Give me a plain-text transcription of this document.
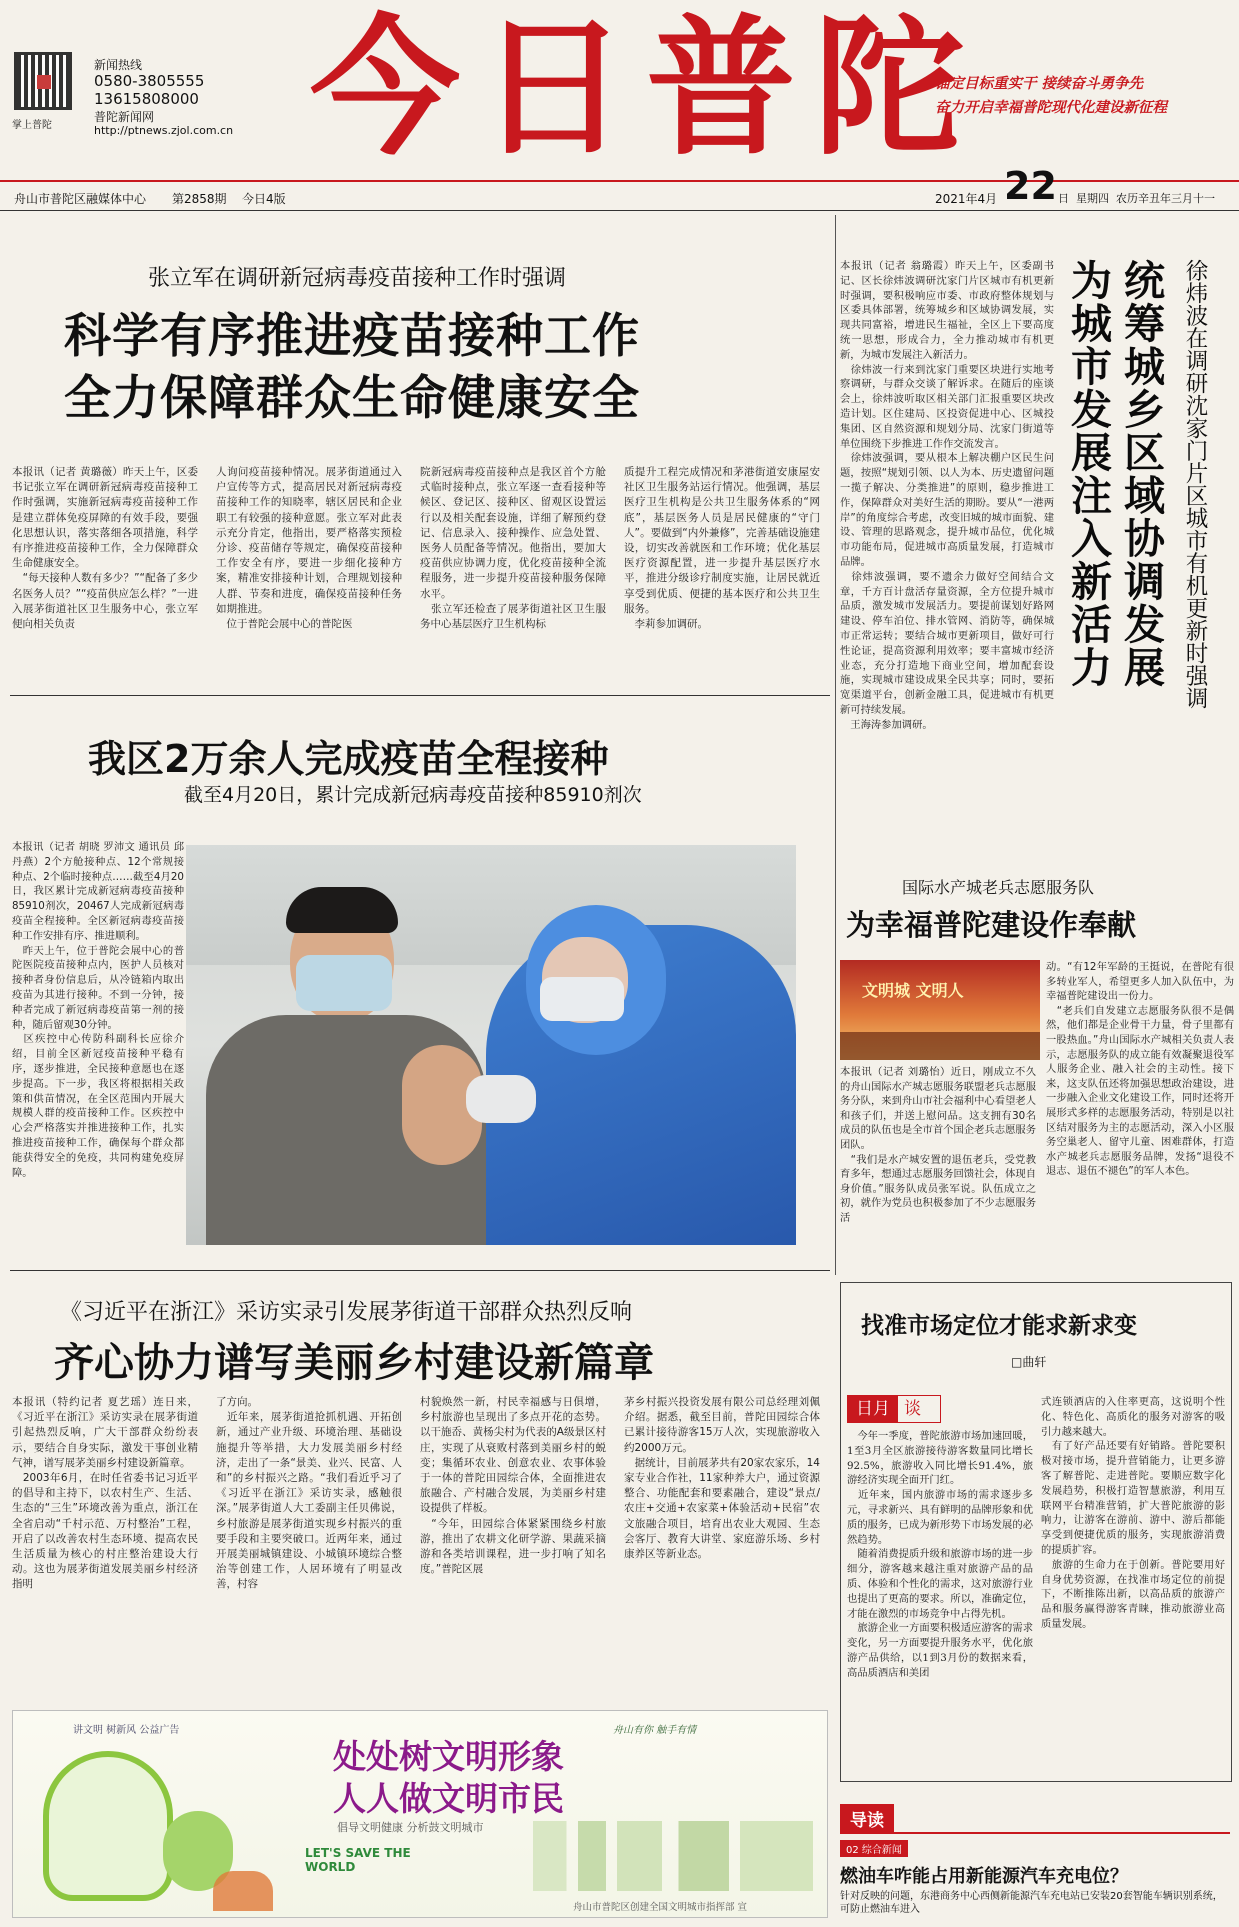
掌上普陀
新闻热线
0580-3805555
13615808000
普陀新闻网
http://ptnews.zjol.com.cn 今日普陀
锚定目标重实干 接续奋斗勇争先
奋力开启幸福普陀现代化建设新征程
舟山市普陀区融媒体中心 第2858期 今日4版	2021年4月 22 日  星期四  农历辛丑年三月十一
张立军在调研新冠病毒疫苗接种工作时强调
科学有序推进疫苗接种工作
全力保障群众生命健康安全
本报讯（记者 黄璐薇）昨天上午，区委书记张立军在调研新冠病毒疫苗接种工作时强调，实施新冠病毒疫苗接种工作是建立群体免疫屏障的有效手段，要强化思想认识，落实落细各项措施，科学有序推进疫苗接种工作，全力保障群众生命健康安全。
　“每天接种人数有多少？”“配备了多少名医务人员？”“疫苗供应怎么样？”一进入展茅街道社区卫生服务中心，张立军便向相关负责
人询问疫苗接种情况。展茅街道通过入户宣传等方式，提高居民对新冠病毒疫苗接种工作的知晓率，辖区居民和企业职工有较强的接种意愿。张立军对此表示充分肯定，他指出，要严格落实预检分诊、疫苗储存等规定，确保疫苗接种工作安全有序，要进一步细化接种方案，精准安排接种计划，合理规划接种人群、节奏和进度，确保疫苗接种任务如期推进。
　位于普陀会展中心的普陀医
院新冠病毒疫苗接种点是我区首个方舱式临时接种点，张立军逐一查看接种等候区、登记区、接种区、留观区设置运行以及相关配套设施，详细了解预约登记、信息录入、接种操作、应急处置、医务人员配备等情况。他指出，要加大疫苗供应协调力度，优化疫苗接种全流程服务，进一步提升疫苗接种服务保障水平。
　张立军还检查了展茅街道社区卫生服务中心基层医疗卫生机构标
质提升工程完成情况和茅港街道安康屋安社区卫生服务站运行情况。他强调，基层医疗卫生机构是公共卫生服务体系的“网底”，基层医务人员是居民健康的“守门人”。要做到“内外兼修”，完善基础设施建设，切实改善就医和工作环境；优化基层医疗资源配置，进一步提升基层医疗水平，推进分级诊疗制度实施，让居民就近享受到优质、便捷的基本医疗和公共卫生服务。
　李莉参加调研。
本报讯（记者 翁璐霞）昨天上午，区委副书记、区长徐炜波调研沈家门片区城市有机更新时强调，要积极响应市委、市政府整体规划与区委具体部署，统筹城乡和区域协调发展，实现共同富裕，增进民生福祉，全区上下要高度统一思想，形成合力，全力推动城市有机更新，为城市发展注入新活力。
　徐炜波一行来到沈家门重要区块进行实地考察调研，与群众交谈了解诉求。在随后的座谈会上，徐炜波听取区相关部门汇报重要区块改造计划。区住建局、区投资促进中心、区城投集团、区自然资源和规划分局、沈家门街道等单位围绕下步推进工作作交流发言。
　徐炜波强调，要从根本上解决棚户区民生问题，按照“规划引领、以人为本、历史遗留问题一揽子解决、分类推进”的原则，稳步推进工作，保障群众对美好生活的期盼。要从“一港两岸”的角度综合考虑，改变旧城的城市面貌、建设、管理的思路观念，提升城市品位，优化城市功能布局，促进城市高质量发展，打造城市品牌。
　徐炜波强调，要不遗余力做好空间结合文章，千方百计盘活存量资源，全方位提升城市品质，激发城市发展活力。要提前谋划好路网建设、停车泊位、排水管网、消防等，确保城市正常运转；要结合城市更新项目，做好可行性论证，提高资源利用效率；要丰富城市经济业态，充分打造地下商业空间，增加配套设施，实现城市建设成果全民共享；同时，要拓宽渠道平台，创新金融工具，促进城市有机更新可持续发展。
　王海涛参加调研。
为城市发展注入新活力 统筹城乡区域协调发展 徐炜波在调研沈家门片区城市有机更新时强调
我区2万余人完成疫苗全程接种
截至4月20日，累计完成新冠病毒疫苗接种85910剂次
本报讯（记者 胡晓 罗沛文 通讯员 邱丹燕）2个方舱接种点、12个常规接种点、2个临时接种点……截至4月20日，我区累计完成新冠病毒疫苗接种85910剂次，20467人完成新冠病毒疫苗全程接种。全区新冠病毒疫苗接种工作安排有序、推进顺利。
　昨天上午，位于普陀会展中心的普陀医院疫苗接种点内，医护人员核对接种者身份信息后，从冷链箱内取出疫苗为其进行接种。不到一分钟，接种者完成了新冠病毒疫苗第一剂的接种，随后留观30分钟。
　区疾控中心传防科副科长应徐介绍，目前全区新冠疫苗接种平稳有序，逐步推进，全民接种意愿也在逐步提高。下一步，我区将根据相关政策和供苗情况，在全区范围内开展大规模人群的疫苗接种工作。区疾控中心会严格落实并推进接种工作，扎实推进疫苗接种工作，确保每个群众都能获得安全的免疫，共同构建免疫屏障。
国际水产城老兵志愿服务队
为幸福普陀建设作奉献
文明城 文明人
本报讯（记者 刘璐怡）近日，刚成立不久的舟山国际水产城志愿服务联盟老兵志愿服务分队，来到舟山市社会福利中心看望老人和孩子们，并送上慰问品。这支拥有30名成员的队伍也是全市首个国企老兵志愿服务团队。
　“我们是水产城安置的退伍老兵，受党教育多年，想通过志愿服务回馈社会，体现自身价值。”服务队成员张军说。队伍成立之初，就作为党员也积极参加了不少志愿服务活
动。“有12年军龄的王挺说，在普陀有很多转业军人，希望更多人加入队伍中，为幸福普陀建设出一份力。
　“老兵们自发建立志愿服务队很不是偶然，他们都是企业骨干力量，骨子里都有一股热血。”舟山国际水产城相关负责人表示，志愿服务队的成立能有效凝聚退役军人服务企业、融入社会的主动性。接下来，这支队伍还将加强思想政治建设，进一步融入企业文化建设工作，同时还将开展形式多样的志愿服务活动，特别是以社区结对服务为主的志愿活动，深入小区服务空巢老人、留守儿童、困难群体，打造水产城老兵志愿服务品牌，发扬“退役不退志、退伍不褪色”的军人本色。
《习近平在浙江》采访实录引发展茅街道干部群众热烈反响
齐心协力谱写美丽乡村建设新篇章
本报讯（特约记者 夏艺瑶）连日来，《习近平在浙江》采访实录在展茅街道引起热烈反响，广大干部群众纷纷表示，要结合自身实际，激发干事创业精气神，谱写展茅美丽乡村建设新篇章。
　2003年6月，在时任省委书记习近平的倡导和主持下，以农村生产、生活、生态的“三生”环境改善为重点，浙江在全省启动“千村示范、万村整治”工程，开启了以改善农村生态环境、提高农民生活质量为核心的村庄整治建设大行动。这也为展茅街道发展美丽乡村经济指明
了方向。
　近年来，展茅街道抢抓机遇、开拓创新，通过产业升级、环境治理、基础设施提升等举措，大力发展美丽乡村经济，走出了一条“景美、业兴、民富、人和”的乡村振兴之路。“我们看近乎习了《习近平在浙江》采访实录，感触很深。”展茅街道人大工委副主任贝佛说，乡村旅游是展茅街道实现乡村振兴的重要手段和主要突破口。近两年来，通过开展美丽城镇建设、小城镇环境综合整治等创建工作，人居环境有了明显改善，村容
村貌焕然一新，村民幸福感与日俱增，乡村旅游也呈现出了多点开花的态势。以干施岙、黄杨尖村为代表的A级景区村庄，实现了从衰败村落到美丽乡村的蜕变；集循环农业、创意农业、农事体验于一体的普陀田园综合体，全面推进农旅融合、产村融合发展，为美丽乡村建设提供了样板。
　“今年，田园综合体紧紧围绕乡村旅游，推出了农耕文化研学游、果蔬采摘游和各类培训课程，进一步打响了知名度。”普陀区展
茅乡村振兴投资发展有限公司总经理刘佩介绍。据悉，截至目前，普陀田园综合体已累计接待游客15万人次，实现旅游收入约2000万元。
　据统计，目前展茅共有20家农家乐，14家专业合作社，11家种养大户，通过资源整合、功能配套和要素融合，建设“景点/农庄+交通+农家菜+体验活动+民宿”农文旅融合项目，培育出农业大观园、生态会客厅、教育大讲堂、家庭游乐场、乡村康养区等新业态。
找准市场定位才能求新求变
□曲轩
日月 谈
　今年一季度，普陀旅游市场加速回暖，1至3月全区旅游接待游客数量同比增长92.5%，旅游收入同比增长91.4%，旅游经济实现全面开门红。
　近年来，国内旅游市场的需求逐步多元，寻求新兴、具有鲜明的品牌形象和优质的服务，已成为新形势下市场发展的必然趋势。
　随着消费提质升级和旅游市场的进一步细分，游客越来越注重对旅游产品的品质、体验和个性化的需求，这对旅游行业也提出了更高的要求。所以，准确定位，才能在激烈的市场竞争中占得先机。
　旅游企业一方面要积极适应游客的需求变化，另一方面要提升服务水平，优化旅游产品供给，以1到3月份的数据来看，高品质酒店和美团
式连锁酒店的入住率更高，这说明个性化、特色化、高质化的服务对游客的吸引力越来越大。
　有了好产品还要有好销路。普陀要积极对接市场，提升营销能力，让更多游客了解普陀、走进普陀。要顺应数字化发展趋势，积极打造智慧旅游，利用互联网平台精准营销，扩大普陀旅游的影响力，让游客在游前、游中、游后都能享受到便捷优质的服务，实现旅游消费的提质扩容。
　旅游的生命力在于创新。普陀要用好自身优势资源，在找准市场定位的前提下，不断推陈出新，以高品质的旅游产品和服务赢得游客青睐，推动旅游业高质量发展。
讲文明 树新风 公益广告	舟山有你 触手有情
处处树文明形象
人人做文明市民
倡导文明健康 分析鼓文明城市
LET'S SAVE THE WORLD
舟山市普陀区创建全国文明城市指挥部 宣
导读
02 综合新闻
燃油车咋能占用新能源汽车充电位？
针对反映的问题，东港商务中心西侧新能源汽车充电站已安装20套智能车辆识别系统，可防止燃油车进入
